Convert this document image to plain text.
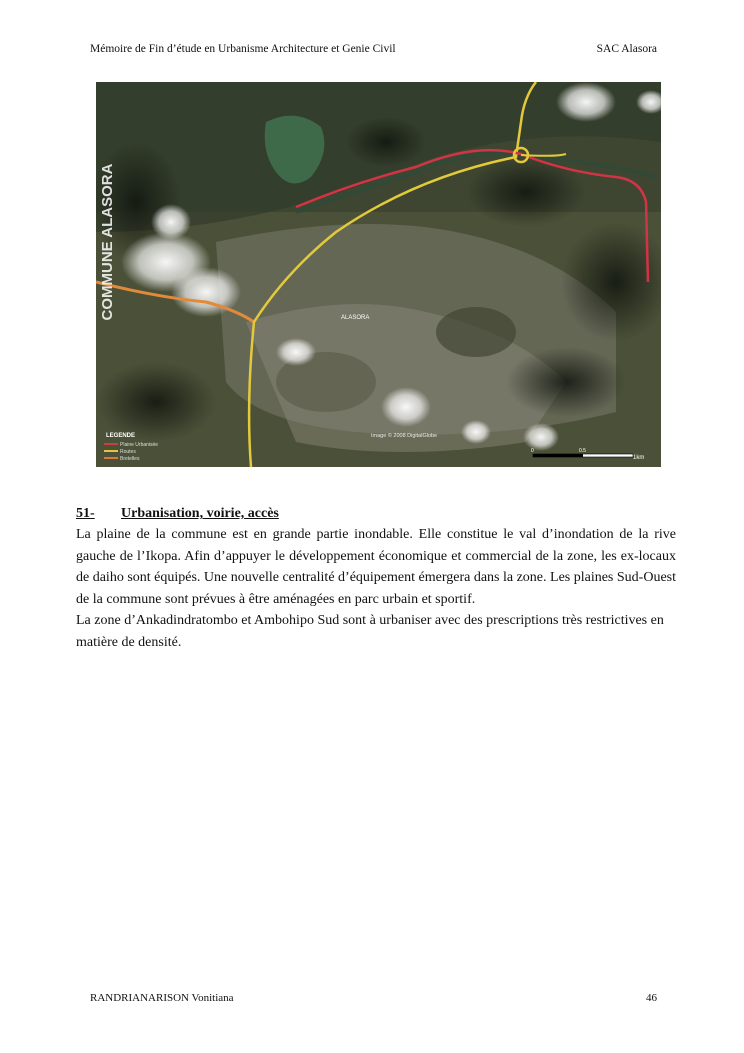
Mémoire de Fin d’étude en Urbanisme Architecture et Genie Civil	SAC Alasora
COMMUNE ALASORA	ALASORA
LEGENDE
Plaine Urbanisée
Routes
Bretelles
Image © 2008 DigitalGlobe
0	0.5
1km
51- Urbanisation, voirie, accès

La plaine de la commune est en grande partie inondable. Elle constitue le val d’inondation de la rive gauche de l’Ikopa. Afin d’appuyer le développement économique et commercial de la zone, les ex-locaux de daiho sont équipés. Une nouvelle centralité d’équipement émergera dans la zone. Les plaines Sud-Ouest de la commune sont prévues à être aménagées en parc urbain et sportif.

La zone d’Ankadindratombo et Ambohipo Sud sont à urbaniser avec des prescriptions très restrictives en matière de densité.

RANDRIANARISON Vonitiana	46
